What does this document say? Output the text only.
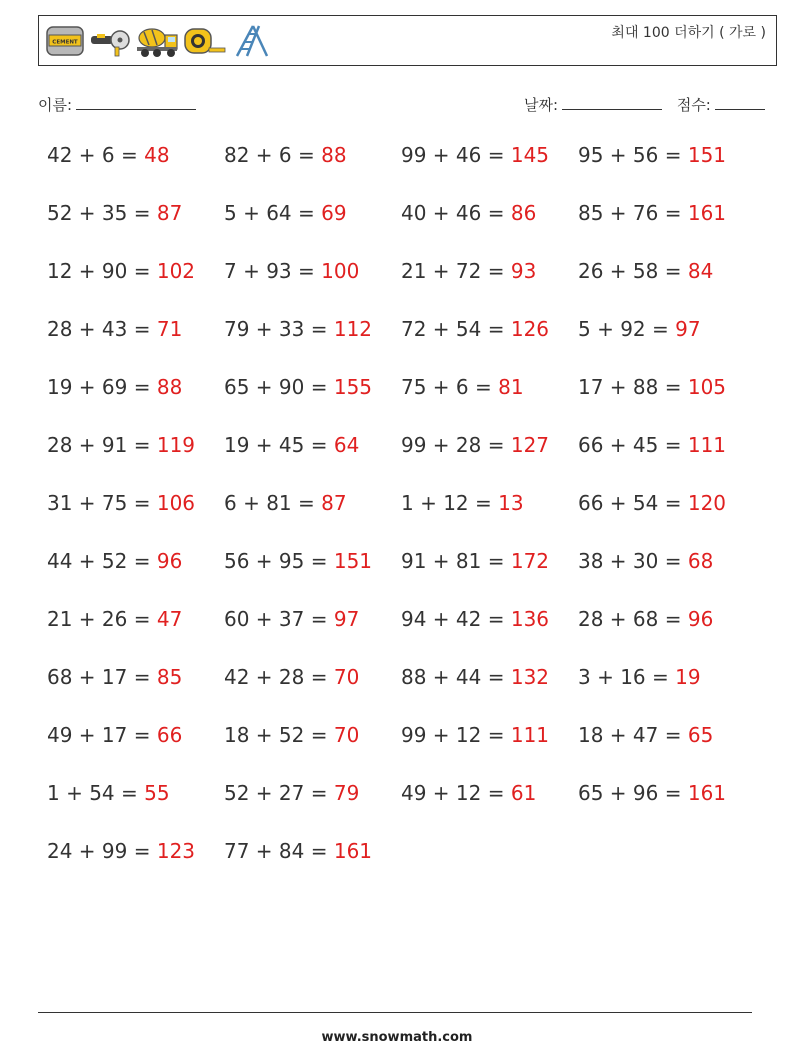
CEMENT
최대 100 더하기 ( 가로 )
이름:	날짜:	점수:
42 + 6 = 48	82 + 6 = 88	99 + 46 = 145 95 + 56 = 151
52 + 35 = 87 5 + 64 = 69	40 + 46 = 86 85 + 76 = 161
12 + 90 = 102 7 + 93 = 100 21 + 72 = 93 26 + 58 = 84
28 + 43 = 71 79 + 33 = 112 72 + 54 = 126 5 + 92 = 97
19 + 69 = 88 65 + 90 = 155 75 + 6 = 81	17 + 88 = 105
28 + 91 = 119 19 + 45 = 64 99 + 28 = 127 66 + 45 = 111
31 + 75 = 106 6 + 81 = 87	1 + 12 = 13	66 + 54 = 120
44 + 52 = 96 56 + 95 = 151 91 + 81 = 172 38 + 30 = 68
21 + 26 = 47 60 + 37 = 97 94 + 42 = 136 28 + 68 = 96
68 + 17 = 85 42 + 28 = 70 88 + 44 = 132 3 + 16 = 19
49 + 17 = 66 18 + 52 = 70 99 + 12 = 111 18 + 47 = 65
1 + 54 = 55	52 + 27 = 79 49 + 12 = 61 65 + 96 = 161
24 + 99 = 123 77 + 84 = 161
www.snowmath.com
